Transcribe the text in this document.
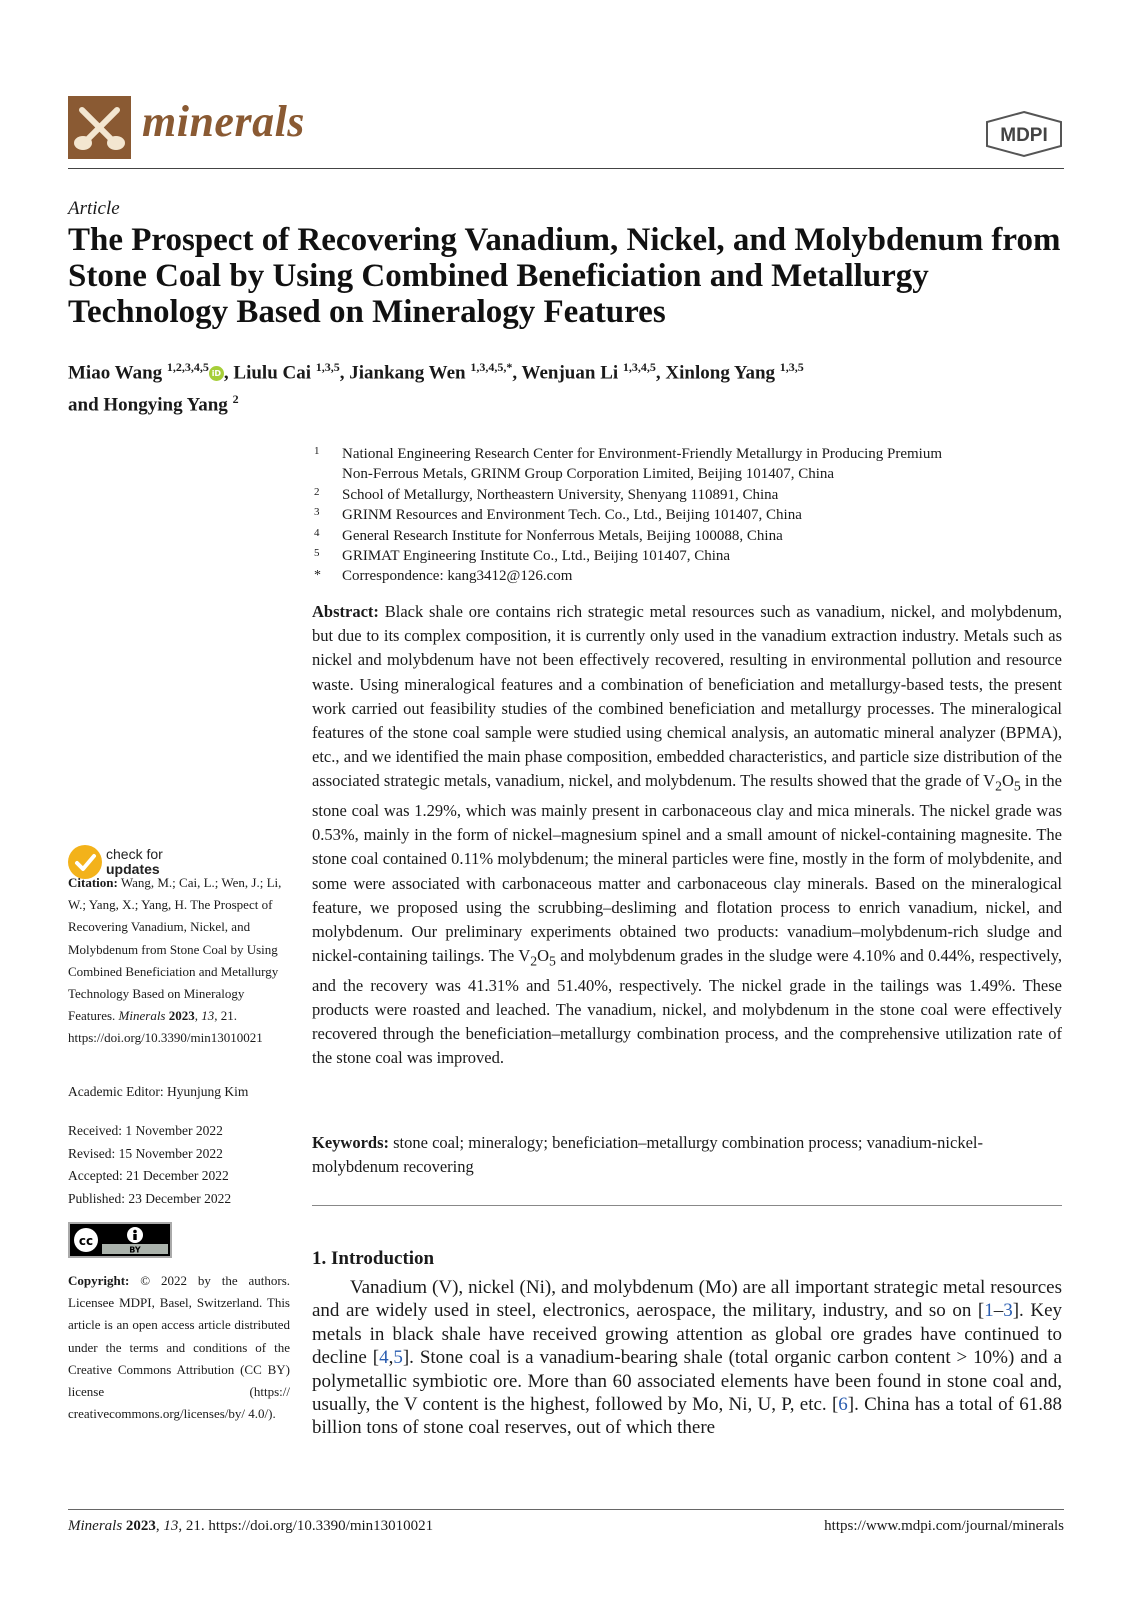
minerals	MDPI
Article
The Prospect of Recovering Vanadium, Nickel, and Molybdenum from Stone Coal by Using Combined Beneficiation and Metallurgy Technology Based on Mineralogy Features
Miao Wang $^{1,2,3,4,5}$ iD , Liulu Cai $^{1,3,5}$, Jiankang Wen $^{1,3,4,5,*}$, Wenjuan Li $^{1,3,4,5}$, Xinlong Yang $^{1,3,5}$
and Hongying Yang $^2$
1 National Engineering Research Center for Environment-Friendly Metallurgy in Producing Premium
Non-Ferrous Metals, GRINM Group Corporation Limited, Beijing 101407, China
2 School of Metallurgy, Northeastern University, Shenyang 110891, China
3 GRINM Resources and Environment Tech. Co., Ltd., Beijing 101407, China
4 General Research Institute for Nonferrous Metals, Beijing 100088, China
5 GRIMAT Engineering Institute Co., Ltd., Beijing 101407, China
* Correspondence: kang3412@126.com
check for
updates
Citation: Wang, M.; Cai, L.; Wen, J.; Li, W.; Yang, X.; Yang, H. The Prospect of Recovering Vanadium, Nickel, and Molybdenum from Stone Coal by Using Combined Beneficiation and Metallurgy Technology Based on Mineralogy Features. Minerals 2023, 13, 21. https://doi.org/10.3390/min13010021
Academic Editor: Hyunjung Kim
Received: 1 November 2022
Revised: 15 November 2022
Accepted: 21 December 2022
Published: 23 December 2022
cc
BY
Copyright: © 2022 by the authors. Licensee MDPI, Basel, Switzerland. This article is an open access article distributed under the terms and conditions of the Creative Commons Attribution (CC BY) license (https:// creativecommons.org/licenses/by/ 4.0/).
Abstract: Black shale ore contains rich strategic metal resources such as vanadium, nickel, and molybdenum, but due to its complex composition, it is currently only used in the vanadium extraction industry. Metals such as nickel and molybdenum have not been effectively recovered, resulting in environmental pollution and resource waste. Using mineralogical features and a combination of beneficiation and metallurgy-based tests, the present work carried out feasibility studies of the combined beneficiation and metallurgy processes. The mineralogical features of the stone coal sample were studied using chemical analysis, an automatic mineral analyzer (BPMA), etc., and we identified the main phase composition, embedded characteristics, and particle size distribution of the associated strategic metals, vanadium, nickel, and molybdenum. The results showed that the grade of $V_2O_5$ in the stone coal was 1.29%, which was mainly present in carbonaceous clay and mica minerals. The nickel grade was 0.53%, mainly in the form of nickel–magnesium spinel and a small amount of nickel-containing magnesite. The stone coal contained 0.11% molybdenum; the mineral particles were fine, mostly in the form of molybdenite, and some were associated with carbonaceous matter and carbonaceous clay minerals. Based on the mineralogical feature, we proposed using the scrubbing–desliming and flotation process to enrich vanadium, nickel, and molybdenum. Our preliminary experiments obtained two products: vanadium–molybdenum-rich sludge and nickel-containing tailings. The $V_2O_5$ and molybdenum grades in the sludge were 4.10% and 0.44%, respectively, and the recovery was 41.31% and 51.40%, respectively. The nickel grade in the tailings was 1.49%. These products were roasted and leached. The vanadium, nickel, and molybdenum in the stone coal were effectively recovered through the beneficiation–metallurgy combination process, and the comprehensive utilization rate of the stone coal was improved.
Keywords: stone coal; mineralogy; beneficiation–metallurgy combination process; vanadium-nickel-molybdenum recovering
1. Introduction
Vanadium (V), nickel (Ni), and molybdenum (Mo) are all important strategic metal resources and are widely used in steel, electronics, aerospace, the military, industry, and so on [1–3]. Key metals in black shale have received growing attention as global ore grades have continued to decline [4,5]. Stone coal is a vanadium-bearing shale (total organic carbon content > 10%) and a polymetallic symbiotic ore. More than 60 associated elements have been found in stone coal and, usually, the V content is the highest, followed by Mo, Ni, U, P, etc. [6]. China has a total of 61.88 billion tons of stone coal reserves, out of which there
Minerals 2023, 13, 21. https://doi.org/10.3390/min13010021	https://www.mdpi.com/journal/minerals
